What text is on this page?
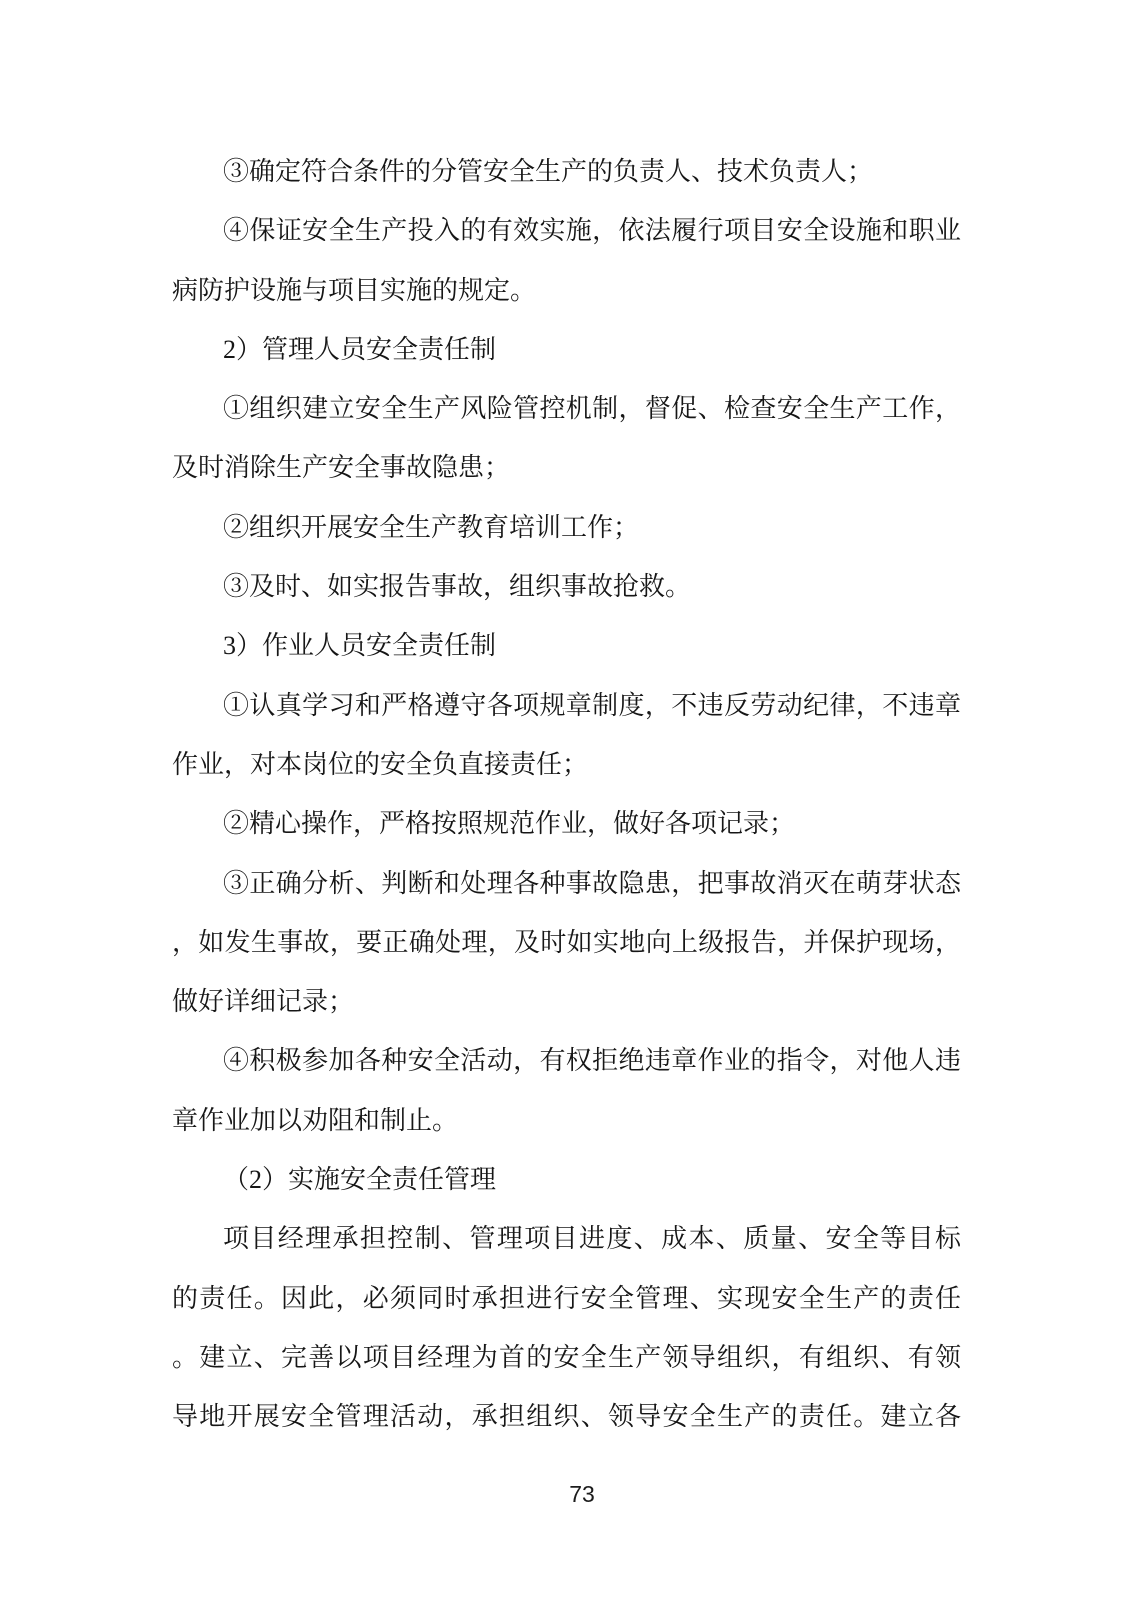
③确定符合条件的分管安全生产的负责人、技术负责人；
④保证安全生产投入的有效实施，依法履行项目安全设施和职业
病防护设施与项目实施的规定。
2）管理人员安全责任制
①组织建立安全生产风险管控机制，督促、检查安全生产工作，
及时消除生产安全事故隐患；
②组织开展安全生产教育培训工作；
③及时、如实报告事故，组织事故抢救。
3）作业人员安全责任制
①认真学习和严格遵守各项规章制度，不违反劳动纪律，不违章
作业，对本岗位的安全负直接责任；
②精心操作，严格按照规范作业，做好各项记录；
③正确分析、判断和处理各种事故隐患，把事故消灭在萌芽状态
，如发生事故，要正确处理，及时如实地向上级报告，并保护现场，
做好详细记录；
④积极参加各种安全活动，有权拒绝违章作业的指令，对他人违
章作业加以劝阻和制止。
（2）实施安全责任管理
项目经理承担控制、管理项目进度、成本、质量、安全等目标
的责任。因此，必须同时承担进行安全管理、实现安全生产的责任
。建立、完善以项目经理为首的安全生产领导组织，有组织、有领
导地开展安全管理活动，承担组织、领导安全生产的责任。建立各
73
